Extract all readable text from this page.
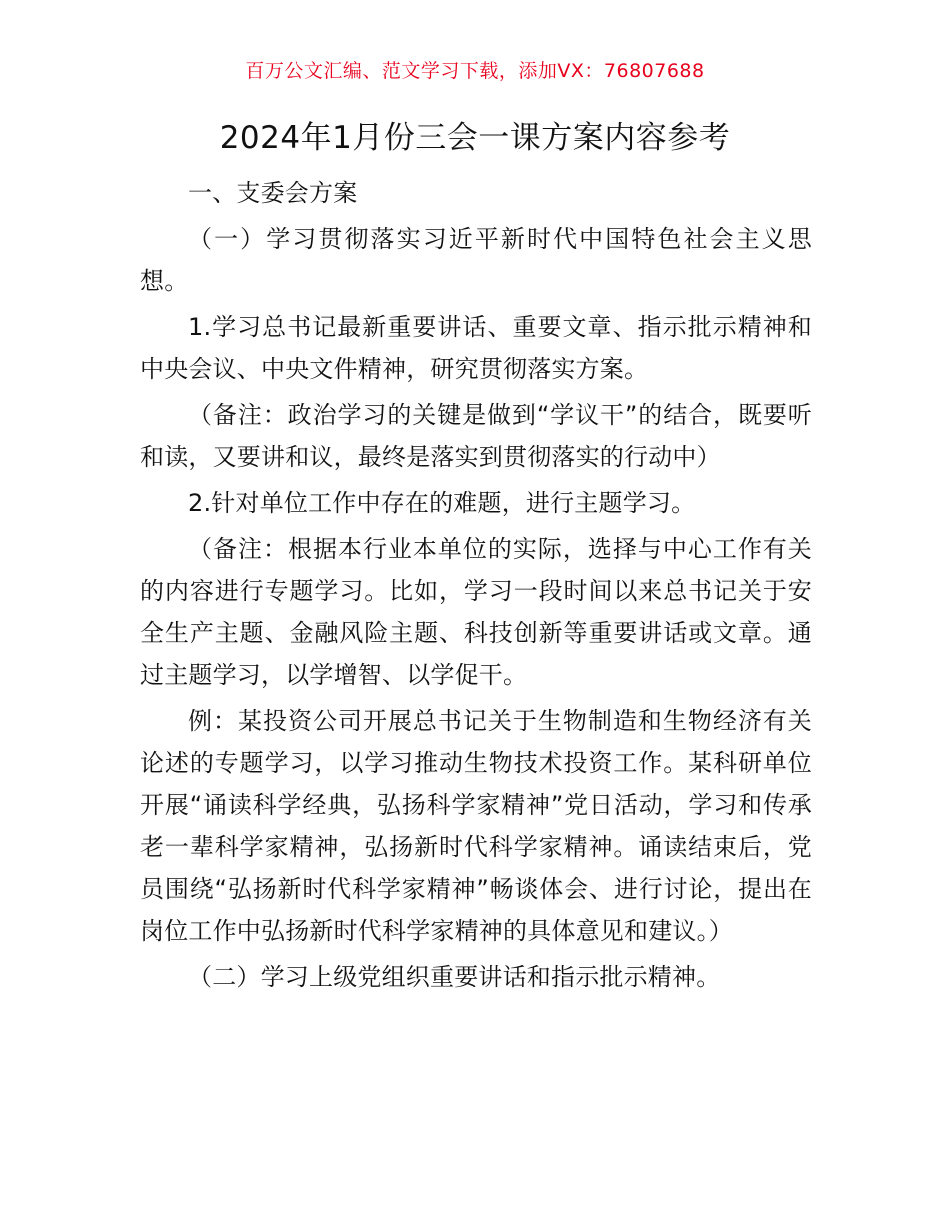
百万公文汇编、范文学习下载，添加VX：76807688
2024年1月份三会一课方案内容参考

一、支委会方案

（一）学习贯彻落实习近平新时代中国特色社会主义思想。

1.学习总书记最新重要讲话、重要文章、指示批示精神和中央会议、中央文件精神，研究贯彻落实方案。

（备注：政治学习的关键是做到“学议干”的结合，既要听和读，又要讲和议，最终是落实到贯彻落实的行动中）

2.针对单位工作中存在的难题，进行主题学习。

（备注：根据本行业本单位的实际，选择与中心工作有关的内容进行专题学习。比如，学习一段时间以来总书记关于安全生产主题、金融风险主题、科技创新等重要讲话或文章。通过主题学习，以学增智、以学促干。

例：某投资公司开展总书记关于生物制造和生物经济有关论述的专题学习，以学习推动生物技术投资工作。某科研单位开展“诵读科学经典，弘扬科学家精神”党日活动，学习和传承老一辈科学家精神，弘扬新时代科学家精神。诵读结束后，党员围绕“弘扬新时代科学家精神”畅谈体会、进行讨论，提出在岗位工作中弘扬新时代科学家精神的具体意见和建议。）

（二）学习上级党组织重要讲话和指示批示精神。
